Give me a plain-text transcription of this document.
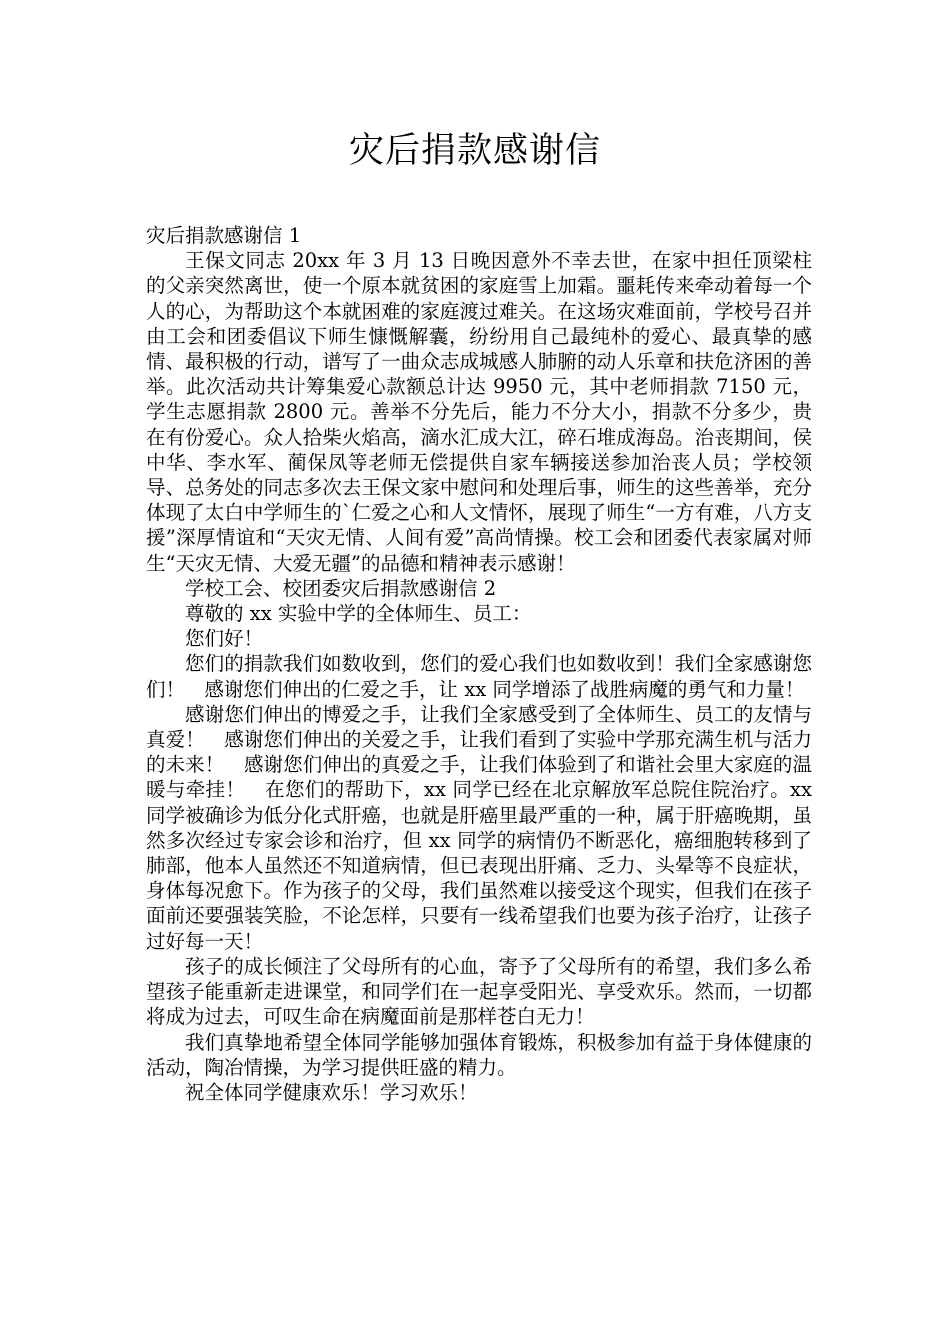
灾后捐款感谢信

灾后捐款感谢信 1

王保文同志 20xx 年 3 月 13 日晚因意外不幸去世，在家中担任顶梁柱的父亲突然离世，使一个原本就贫困的家庭雪上加霜。噩耗传来牵动着每一个人的心，为帮助这个本就困难的家庭渡过难关。在这场灾难面前，学校号召并由工会和团委倡议下师生慷慨解囊，纷纷用自己最纯朴的爱心、最真挚的感情、最积极的行动，谱写了一曲众志成城感人肺腑的动人乐章和扶危济困的善举。此次活动共计筹集爱心款额总计达 9950 元，其中老师捐款 7150 元，学生志愿捐款 2800 元。善举不分先后，能力不分大小，捐款不分多少，贵在有份爱心。众人拾柴火焰高，滴水汇成大江，碎石堆成海岛。治丧期间，侯中华、李水军、蔺保凤等老师无偿提供自家车辆接送参加治丧人员；学校领导、总务处的同志多次去王保文家中慰问和处理后事，师生的这些善举，充分体现了太白中学师生的`仁爱之心和人文情怀，展现了师生“一方有难，八方支援”深厚情谊和“天灾无情、人间有爱”高尚情操。校工会和团委代表家属对师生“天灾无情、大爱无疆”的品德和精神表示感谢！

学校工会、校团委灾后捐款感谢信 2

尊敬的 xx 实验中学的全体师生、员工：

您们好！

您们的捐款我们如数收到，您们的爱心我们也如数收到！我们全家感谢您们！　感谢您们伸出的仁爱之手，让 xx 同学增添了战胜病魔的勇气和力量！

感谢您们伸出的博爱之手，让我们全家感受到了全体师生、员工的友情与真爱！　感谢您们伸出的关爱之手，让我们看到了实验中学那充满生机与活力的未来！　感谢您们伸出的真爱之手，让我们体验到了和谐社会里大家庭的温暖与牵挂！　在您们的帮助下，xx 同学已经在北京解放军总院住院治疗。xx 同学被确诊为低分化式肝癌，也就是肝癌里最严重的一种，属于肝癌晚期，虽然多次经过专家会诊和治疗，但 xx 同学的病情仍不断恶化，癌细胞转移到了肺部，他本人虽然还不知道病情，但已表现出肝痛、乏力、头晕等不良症状，身体每况愈下。作为孩子的父母，我们虽然难以接受这个现实，但我们在孩子面前还要强装笑脸，不论怎样，只要有一线希望我们也要为孩子治疗，让孩子过好每一天！

孩子的成长倾注了父母所有的心血，寄予了父母所有的希望，我们多么希望孩子能重新走进课堂，和同学们在一起享受阳光、享受欢乐。然而，一切都将成为过去，可叹生命在病魔面前是那样苍白无力！

我们真挚地希望全体同学能够加强体育锻炼，积极参加有益于身体健康的活动，陶冶情操，为学习提供旺盛的精力。

祝全体同学健康欢乐！学习欢乐！
